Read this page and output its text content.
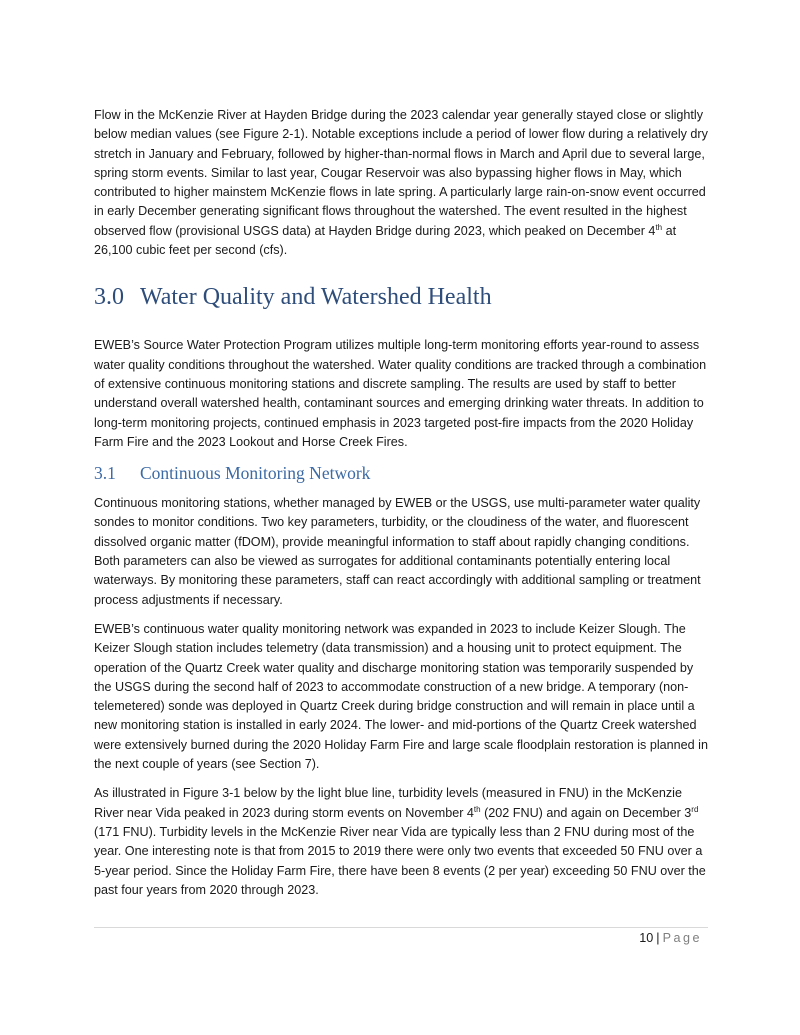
Flow in the McKenzie River at Hayden Bridge during the 2023 calendar year generally stayed close or slightly below median values (see Figure 2-1). Notable exceptions include a period of lower flow during a relatively dry stretch in January and February, followed by higher-than-normal flows in March and April due to several large, spring storm events. Similar to last year, Cougar Reservoir was also bypassing higher flows in May, which contributed to higher mainstem McKenzie flows in late spring. A particularly large rain-on-snow event occurred in early December generating significant flows throughout the watershed. The event resulted in the highest observed flow (provisional USGS data) at Hayden Bridge during 2023, which peaked on December 4th at 26,100 cubic feet per second (cfs).

3.0 Water Quality and Watershed Health

EWEB’s Source Water Protection Program utilizes multiple long-term monitoring efforts year-round to assess water quality conditions throughout the watershed. Water quality conditions are tracked through a combination of extensive continuous monitoring stations and discrete sampling. The results are used by staff to better understand overall watershed health, contaminant sources and emerging drinking water threats. In addition to long-term monitoring projects, continued emphasis in 2023 targeted post-fire impacts from the 2020 Holiday Farm Fire and the 2023 Lookout and Horse Creek Fires.

3.1 Continuous Monitoring Network

Continuous monitoring stations, whether managed by EWEB or the USGS, use multi-parameter water quality sondes to monitor conditions. Two key parameters, turbidity, or the cloudiness of the water, and fluorescent dissolved organic matter (fDOM), provide meaningful information to staff about rapidly changing conditions. Both parameters can also be viewed as surrogates for additional contaminants potentially entering local waterways. By monitoring these parameters, staff can react accordingly with additional sampling or treatment process adjustments if necessary.

EWEB’s continuous water quality monitoring network was expanded in 2023 to include Keizer Slough. The Keizer Slough station includes telemetry (data transmission) and a housing unit to protect equipment. The operation of the Quartz Creek water quality and discharge monitoring station was temporarily suspended by the USGS during the second half of 2023 to accommodate construction of a new bridge. A temporary (non-telemetered) sonde was deployed in Quartz Creek during bridge construction and will remain in place until a new monitoring station is installed in early 2024. The lower- and mid-portions of the Quartz Creek watershed were extensively burned during the 2020 Holiday Farm Fire and large scale floodplain restoration is planned in the next couple of years (see Section 7).

As illustrated in Figure 3-1 below by the light blue line, turbidity levels (measured in FNU) in the McKenzie River near Vida peaked in 2023 during storm events on November 4th (202 FNU) and again on December 3rd (171 FNU). Turbidity levels in the McKenzie River near Vida are typically less than 2 FNU during most of the year. One interesting note is that from 2015 to 2019 there were only two events that exceeded 50 FNU over a 5-year period. Since the Holiday Farm Fire, there have been 8 events (2 per year) exceeding 50 FNU over the past four years from 2020 through 2023.

10 | Page
